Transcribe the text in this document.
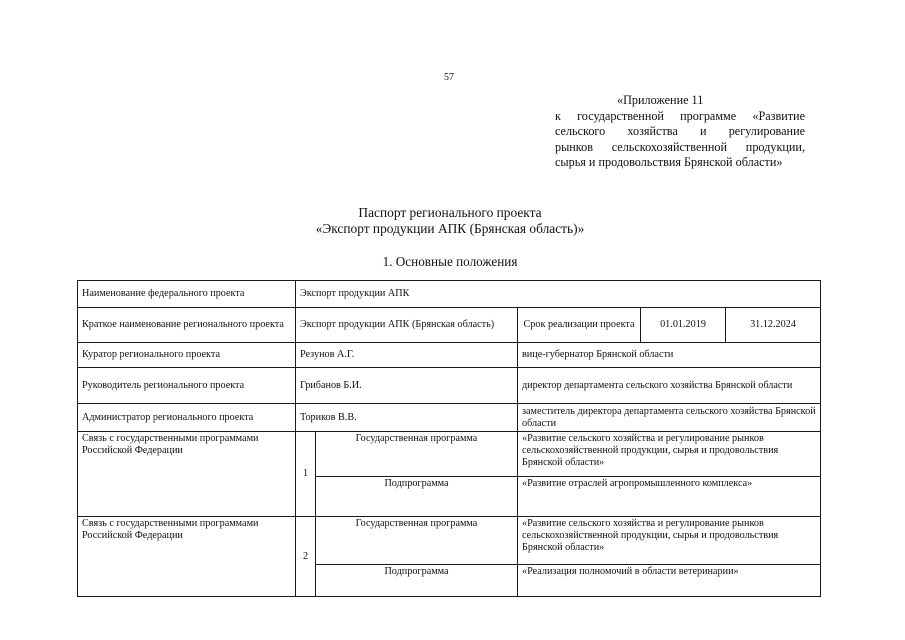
57
«Приложение 11
к государственной программе «Развитие
сельского хозяйства и регулирование
рынков сельскохозяйственной продукции,
сырья и продовольствия Брянской области»
Паспорт регионального проекта
«Экспорт продукции АПК (Брянская область)»
1. Основные положения
Наименование федерального проекта	Экспорт продукции АПК				
Краткое наименование регионального проекта	Экспорт продукции АПК (Брянская область)		Срок реализации проекта	01.01.2019	31.12.2024
Куратор регионального проекта	Резунов А.Г.		вице-губернатор Брянской области		
Руководитель регионального проекта	Грибанов Б.И.		директор департамента сельского хозяйства Брянской области		
Администратор регионального проекта	Ториков В.В.		заместитель директора департамента сельского хозяйства Брянской области		
Связь с государственными программами Российской Федерации	1	Государственная программа	«Развитие сельского хозяйства и регулирование рынков сельскохозяйственной продукции, сырья и продовольствия Брянской области»		
		Подпрограмма	«Развитие отраслей агропромышленного комплекса»		
Связь с государственными программами Российской Федерации	2	Государственная программа	«Развитие сельского хозяйства и регулирование рынков сельскохозяйственной продукции, сырья и продовольствия Брянской области»		
		Подпрограмма	«Реализация полномочий в области ветеринарии»		
